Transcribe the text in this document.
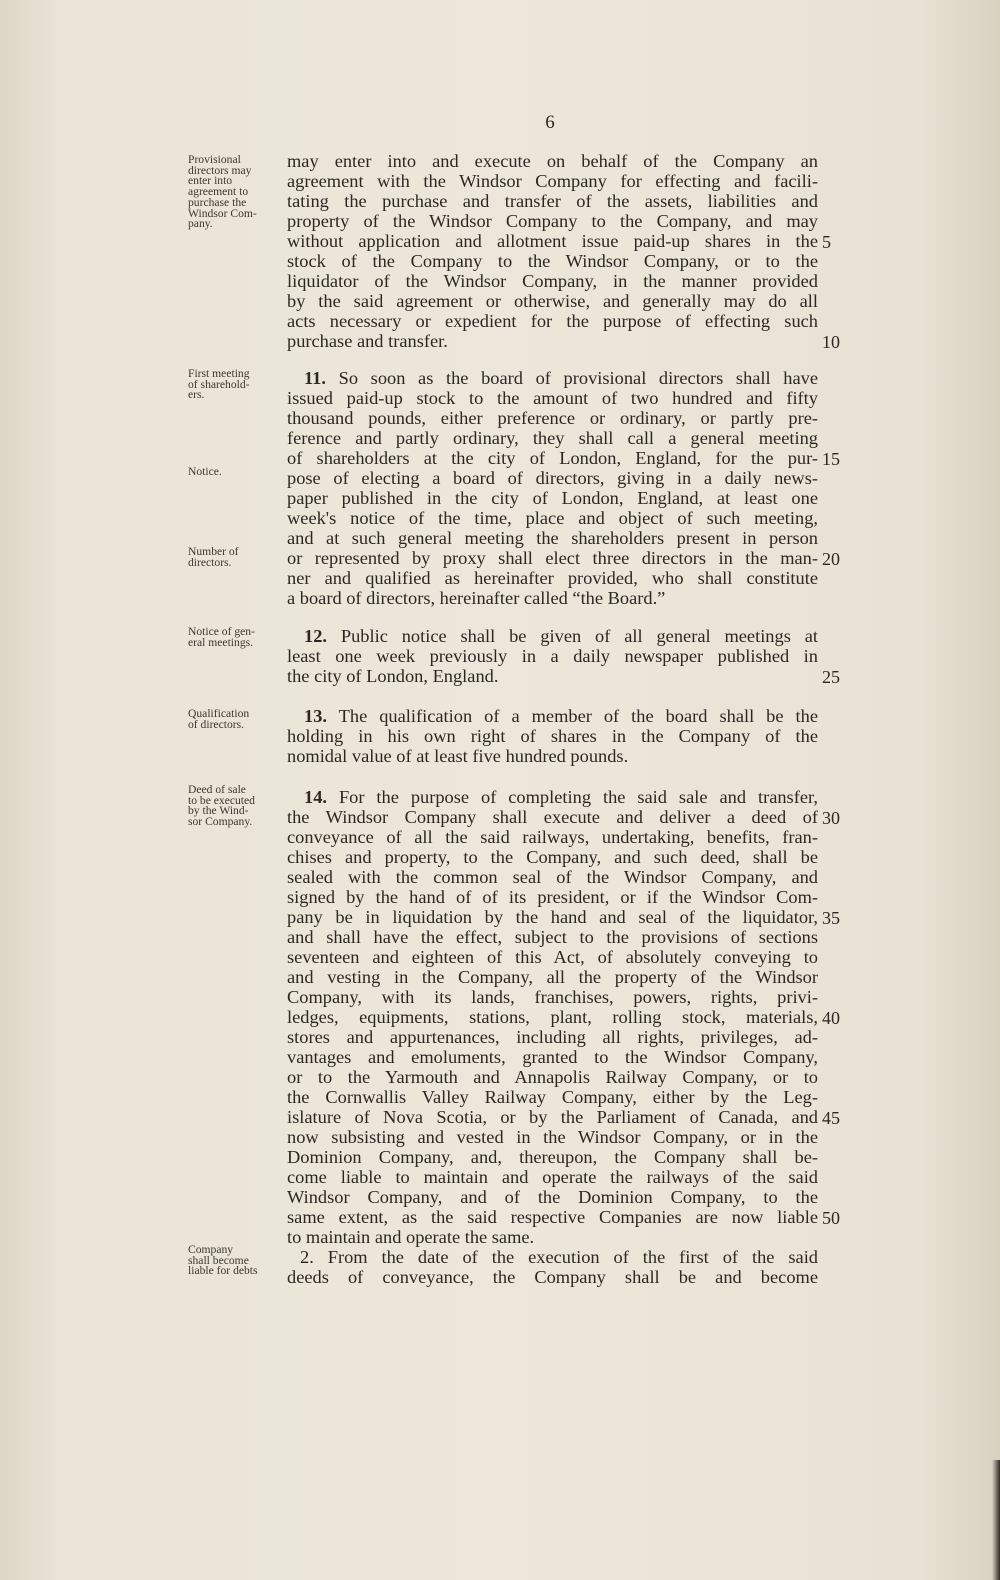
6
Provisional
directors may
enter into
agreement to
purchase the
Windsor Com-
pany.
First meeting
of sharehold-
ers.
Notice.
Number of
directors.
Notice of gen-
eral meetings.
Qualification
of directors.
Deed of sale
to be executed
by the Wind-
sor Company.
Company
shall become
liable for debts
may enter into and execute on behalf of the Company an
agreement with the Windsor Company for effecting and facili-
tating the purchase and transfer of the assets, liabilities and
property of the Windsor Company to the Company, and may
without application and allotment issue paid-up shares in the
stock of the Company to the Windsor Company, or to the
liquidator of the Windsor Company, in the manner provided
by the said agreement or otherwise, and generally may do all
acts necessary or expedient for the purpose of effecting such
purchase and transfer.
11. So soon as the board of provisional directors shall have
issued paid-up stock to the amount of two hundred and fifty
thousand pounds, either preference or ordinary, or partly pre-
ference and partly ordinary, they shall call a general meeting
of shareholders at the city of London, England, for the pur-
pose of electing a board of directors, giving in a daily news-
paper published in the city of London, England, at least one
week's notice of the time, place and object of such meeting,
and at such general meeting the shareholders present in person
or represented by proxy shall elect three directors in the man-
ner and qualified as hereinafter provided, who shall constitute
a board of directors, hereinafter called “the Board.”
12. Public notice shall be given of all general meetings at
least one week previously in a daily newspaper published in
the city of London, England.
13. The qualification of a member of the board shall be the
holding in his own right of shares in the Company of the
nomidal value of at least five hundred pounds.
14. For the purpose of completing the said sale and transfer,
the Windsor Company shall execute and deliver a deed of
conveyance of all the said railways, undertaking, benefits, fran-
chises and property, to the Company, and such deed, shall be
sealed with the common seal of the Windsor Company, and
signed by the hand of of its president, or if the Windsor Com-
pany be in liquidation by the hand and seal of the liquidator,
and shall have the effect, subject to the provisions of sections
seventeen and eighteen of this Act, of absolutely conveying to
and vesting in the Company, all the property of the Windsor
Company, with its lands, franchises, powers, rights, privi-
ledges, equipments, stations, plant, rolling stock, materials,
stores and appurtenances, including all rights, privileges, ad-
vantages and emoluments, granted to the Windsor Company,
or to the Yarmouth and Annapolis Railway Company, or to
the Cornwallis Valley Railway Company, either by the Leg-
islature of Nova Scotia, or by the Parliament of Canada, and
now subsisting and vested in the Windsor Company, or in the
Dominion Company, and, thereupon, the Company shall be-
come liable to maintain and operate the railways of the said
Windsor Company, and of the Dominion Company, to the
same extent, as the said respective Companies are now liable
to maintain and operate the same.
2. From the date of the execution of the first of the said
deeds of conveyance, the Company shall be and become
5
10
15
20
25
30
35
40
45
50
